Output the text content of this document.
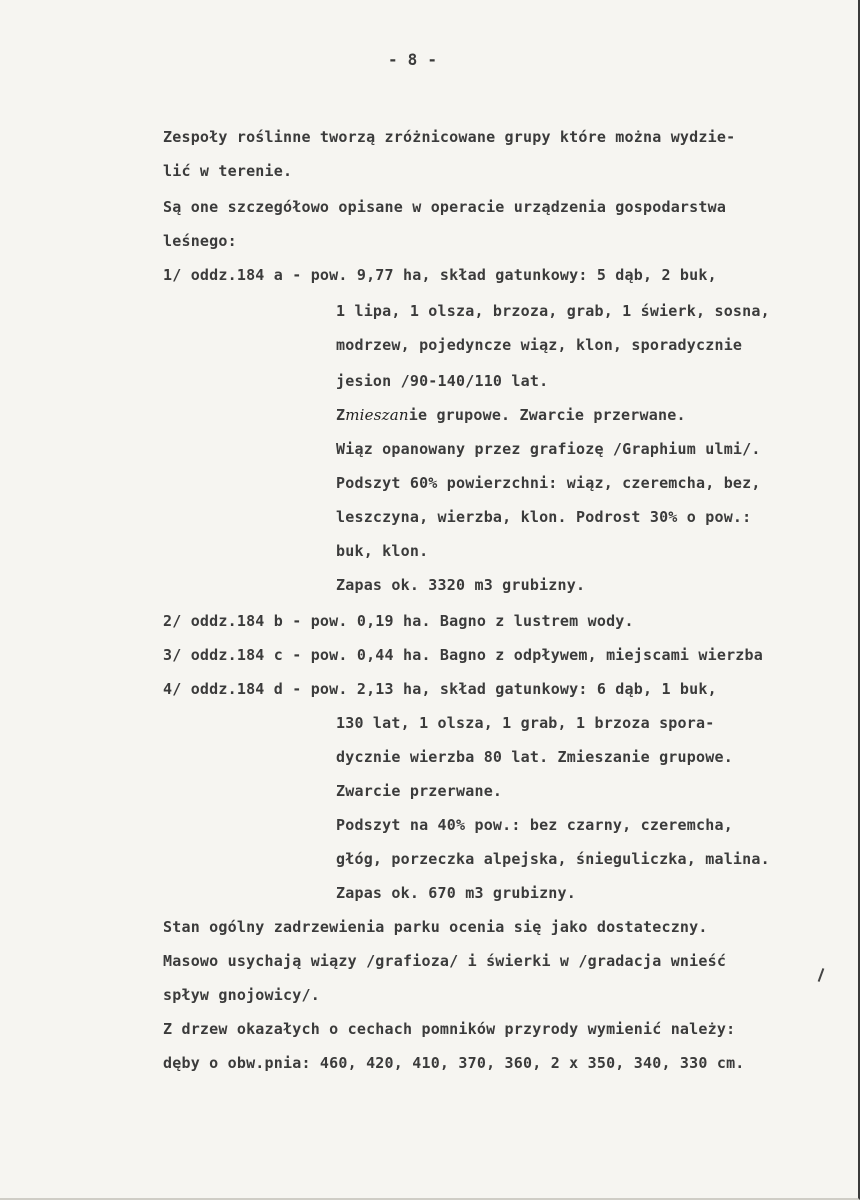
- 8 -
Zespoły roślinne tworzą zróżnicowane grupy które można wydzie-
lić w terenie.
Są one szczegółowo opisane w operacie urządzenia gospodarstwa
leśnego:
1/ oddz.184 a - pow. 9,77 ha, skład gatunkowy: 5 dąb, 2 buk,
1 lipa, 1 olsza, brzoza, grab, 1 świerk, sosna,
modrzew, pojedyncze wiąz, klon, sporadycznie
jesion /90-140/110 lat.
Zmieszanie grupowe. Zwarcie przerwane.
Wiąz opanowany przez grafiozę /Graphium ulmi/.
Podszyt 60% powierzchni: wiąz, czeremcha, bez,
leszczyna, wierzba, klon. Podrost 30% o pow.:
buk, klon.
Zapas ok. 3320 m3 grubizny.
2/ oddz.184 b - pow. 0,19 ha. Bagno z lustrem wody.
3/ oddz.184 c - pow. 0,44 ha. Bagno z odpływem, miejscami wierzba
4/ oddz.184 d - pow. 2,13 ha, skład gatunkowy: 6 dąb, 1 buk,
130 lat, 1 olsza, 1 grab, 1 brzoza spora-
dycznie wierzba 80 lat. Zmieszanie grupowe.
Zwarcie przerwane.
Podszyt na 40% pow.: bez czarny, czeremcha,
głóg, porzeczka alpejska, śnieguliczka, malina.
Zapas ok. 670 m3 grubizny.
Stan ogólny zadrzewienia parku ocenia się jako dostateczny.
Masowo usychają wiązy /grafioza/ i świerki w /gradacja wnieść
spływ gnojowicy/.
Z drzew okazałych o cechach pomników przyrody wymienić należy:
dęby o obw.pnia: 460, 420, 410, 370, 360, 2 x 350, 340, 330 cm.
